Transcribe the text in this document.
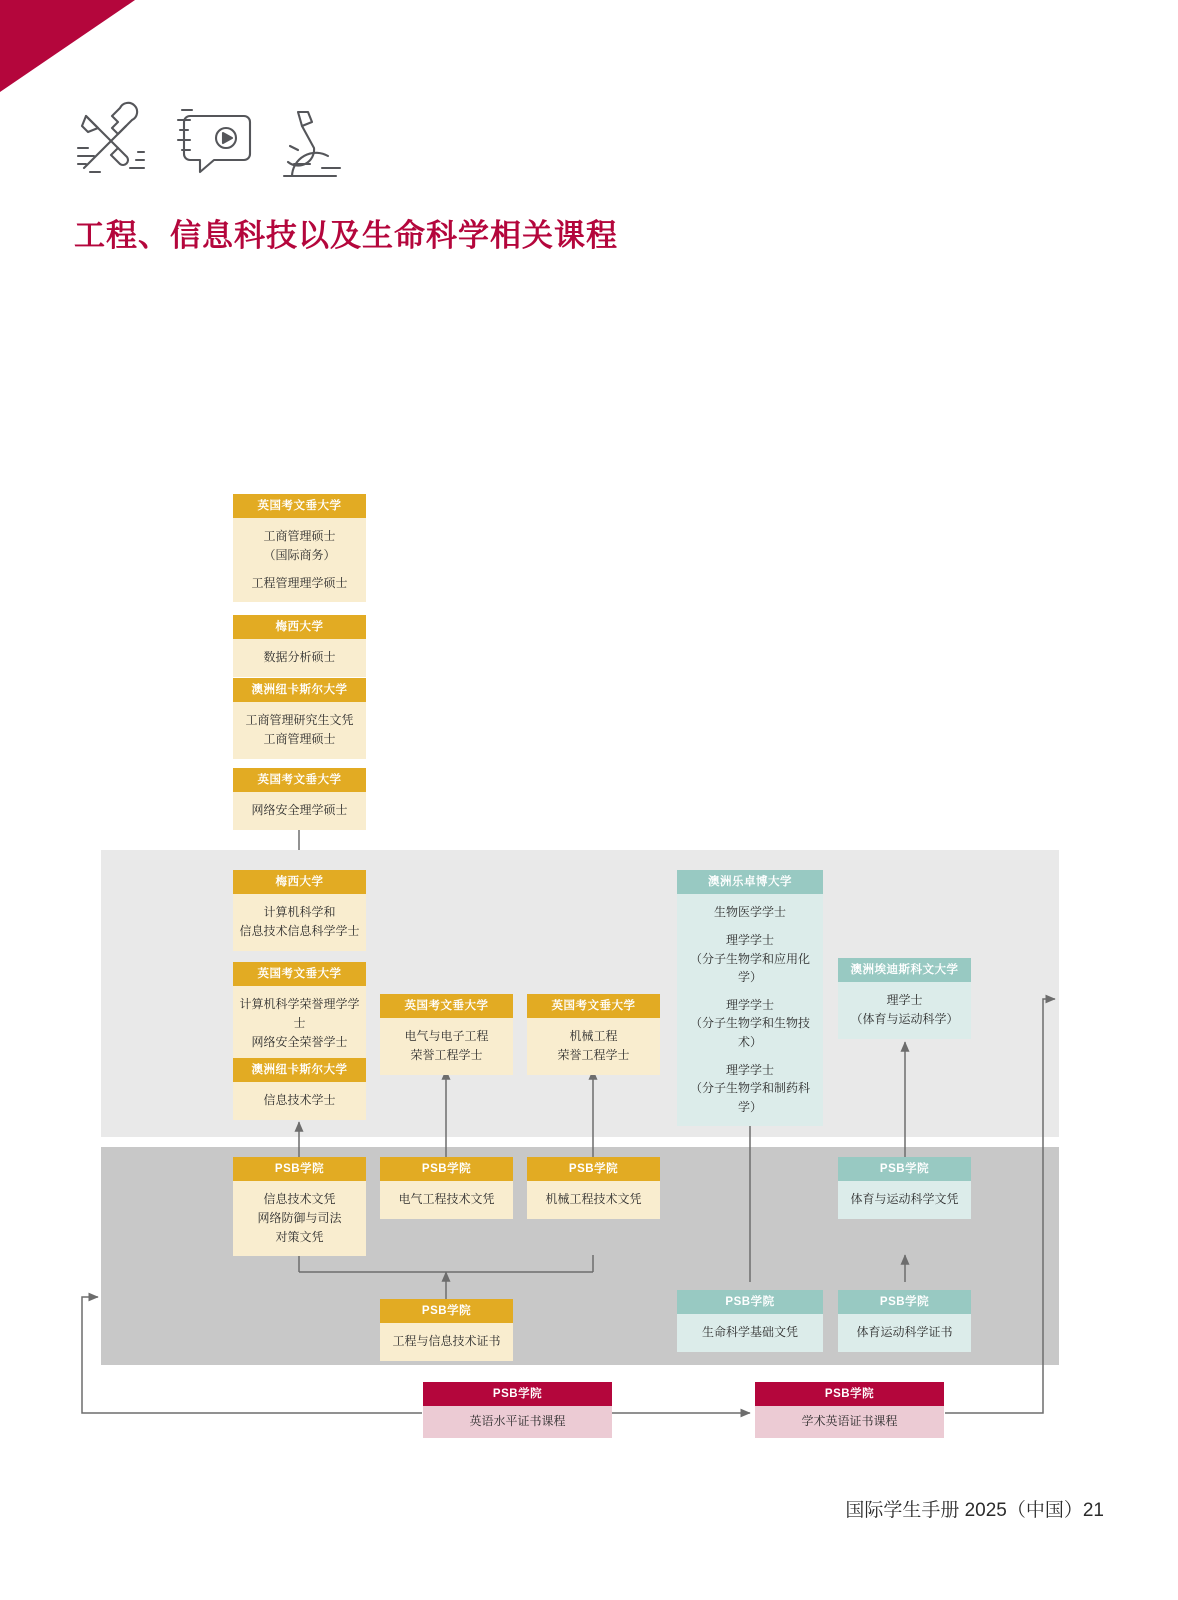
工程、信息科技以及生命科学相关课程
英国考文垂大学
工商管理硕士
（国际商务）
工程管理理学硕士
梅西大学
数据分析硕士
澳洲纽卡斯尔大学
工商管理研究生文凭
工商管理硕士
英国考文垂大学
网络安全理学硕士
梅西大学
计算机科学和
信息技术信息科学学士
英国考文垂大学
计算机科学荣誉理学学士
网络安全荣誉学士
澳洲纽卡斯尔大学
信息技术学士
英国考文垂大学
电气与电子工程
荣誉工程学士
英国考文垂大学
机械工程
荣誉工程学士
澳洲乐卓博大学
生物医学学士
理学学士
（分子生物学和应用化学）
理学学士
（分子生物学和生物技术）
理学学士
（分子生物学和制药科学）
澳洲埃迪斯科文大学
理学士
（体育与运动科学）
PSB学院
信息技术文凭
网络防御与司法
对策文凭
PSB学院
电气工程技术文凭
PSB学院
机械工程技术文凭
PSB学院
体育与运动科学文凭
PSB学院
工程与信息技术证书
PSB学院
生命科学基础文凭
PSB学院
体育运动科学证书
PSB学院
英语水平证书课程
PSB学院
学术英语证书课程
国际学生手册 2025（中国）21
